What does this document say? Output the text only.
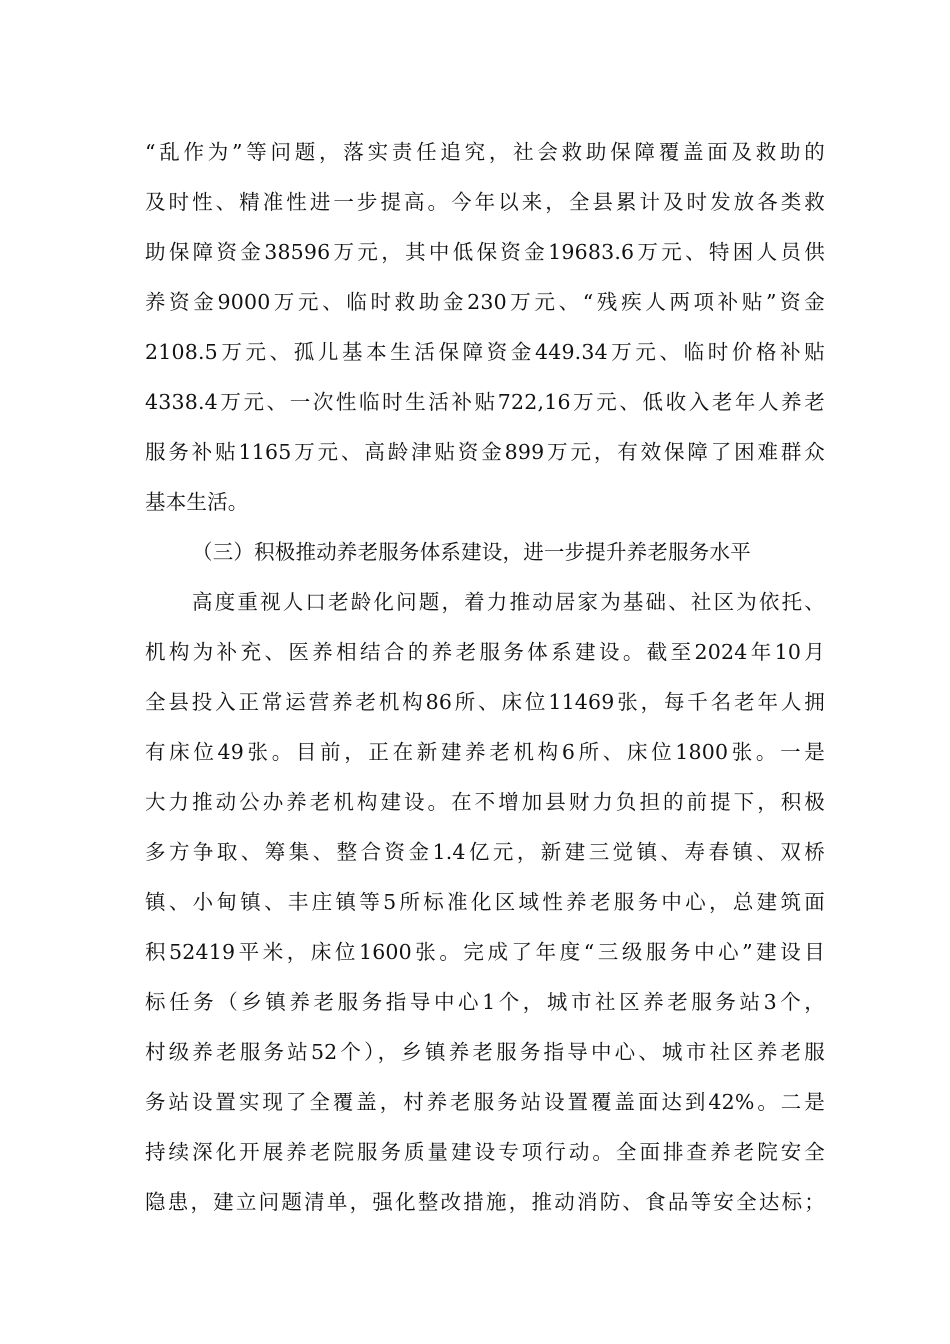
“乱作为”等问题，落实责任追究，社会救助保障覆盖面及救助的
及时性、精准性进一步提高。今年以来，全县累计及时发放各类救
助保障资金38596万元，其中低保资金19683.6万元、特困人员供
养资金9000万元、临时救助金230万元、“残疾人两项补贴”资金
2108.5万元、孤儿基本生活保障资金449.34万元、临时价格补贴
4338.4万元、一次性临时生活补贴722,16万元、低收入老年人养老
服务补贴1165万元、高龄津贴资金899万元，有效保障了困难群众
基本生活。
（三）积极推动养老服务体系建设，进一步提升养老服务水平
高度重视人口老龄化问题，着力推动居家为基础、社区为依托、
机构为补充、医养相结合的养老服务体系建设。截至2024年10月
全县投入正常运营养老机构86所、床位11469张，每千名老年人拥
有床位49张。目前，正在新建养老机构6所、床位1800张。一是
大力推动公办养老机构建设。在不增加县财力负担的前提下，积极
多方争取、筹集、整合资金1.4亿元，新建三觉镇、寿春镇、双桥
镇、小甸镇、丰庄镇等5所标准化区域性养老服务中心，总建筑面
积52419平米，床位1600张。完成了年度“三级服务中心”建设目
标任务（乡镇养老服务指导中心1个，城市社区养老服务站3个，
村级养老服务站52个），乡镇养老服务指导中心、城市社区养老服
务站设置实现了全覆盖，村养老服务站设置覆盖面达到42%。二是
持续深化开展养老院服务质量建设专项行动。全面排查养老院安全
隐患，建立问题清单，强化整改措施，推动消防、食品等安全达标；
